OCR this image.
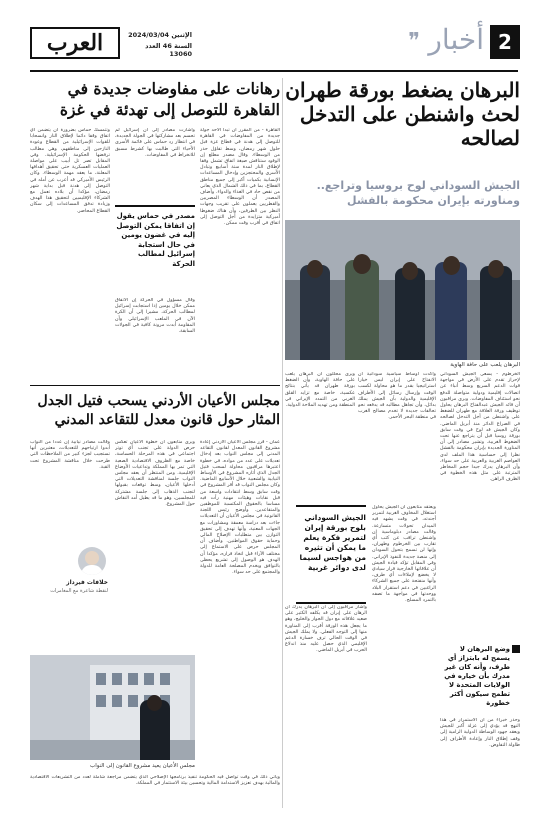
العرب	الإثنين 2024/03/04
السنة 46 العدد 13060	2
أخبار
❞
البرهان يضغط بورقة طهران لحث واشنطن على التدخل لصالحه
الجيش السوداني لوح بروسيا وتراجع.. ومناورته بإيران محكومة بالفشل
البرهان يلعب على حافة الهاوية

الخرطوم - يسعى الجيش السوداني لإحراز تقدم على الأرض في مواجهة قوات الدعم السريع وسط أنباء عن اتصالات إقليمية ودولية متواصلة للدفع نحو استئناف المفاوضات. ويرى مراقبون أن قائد الجيش عبدالفتاح البرهان يحاول توظيف ورقة العلاقة مع طهران للضغط على واشنطن من أجل التدخل لصالحه في الصراع الدائر منذ أبريل الماضي. وكان الجيش قد لوح في وقت سابق بورقة روسيا قبل أن يتراجع عنها تحت الضغوط الغربية. وتشير مصادر إلى أن المناورة الجديدة بإيران محكومة بالفشل نظرا إلى حساسية هذا الملف لدى العواصم الغربية والعربية على حد سواء، وأن البرهان يدرك جيدا حجم المخاطر المترتبة على مثل هذه الخطوة في الظرف الراهن.

وأكدت أوساط سياسية سودانية أن الانفتاح على إيران ليس خيارا استراتيجيا بقدر ما هو محاولة لكسب الوقت وإرسال رسائل إلى الأطراف الإقليمية والدولية بأن الجيش يملك بدائل، وأن تجاهل مطالبه قد يدفعه نحو تحالفات جديدة لا تخدم مصالح الغرب في منطقة البحر الأحمر.

ويرى محللون أن البرهان يلعب على حافة الهاوية، وأن الضغط بورقة طهران قد يأتي بنتائج عكسية، خاصة مع تزايد القلق الغربي من التمدد الإيراني في المنطقة ومن تهديد الملاحة الدولية.

الجيش السوداني بلوح بورقة إيران لتمرير فكرة يعلم ما يمكن أن تثيره من هواجس لسيما لدى دوائر غربية

ويعتقد متابعون أن الجيش يحاول استغلال المخاوف الغربية لتمرير أجندته، في وقت يشهد فيه الميدان تحولات متسارعة. وقالت مصادر دبلوماسية إن واشنطن تراقب عن كثب أي تقارب بين الخرطوم وطهران، وإنها لن تسمح بتحول السودان إلى منصة جديدة للنفوذ الإيراني. وفي المقابل تؤكد قيادة الجيش أن علاقاتها الخارجية قرار سيادي لا يخضع لإملاءات أي طرف، وأنها منفتحة على جميع الشركاء الراغبين في دعم استقرار البلاد ووحدتها في مواجهة ما تصفه بالتمرد المسلح.

وأشار مراقبون إلى أن البرهان يدرك أن الرهان على إيران قد يكلفه الكثير على صعيد علاقاته مع دول الجوار والخليج، وهو ما يجعل هذه الورقة أقرب إلى المناورة منها إلى التوجه الفعلي. ولا يملك الجيش في الوقت الحالي ترف خسارة الدعم الإقليمي الذي حصل عليه منذ اندلاع الحرب في أبريل الماضي.	وضع البرهان لا يسمح له بابتزاز أي طرف، وأنه كان غير مدرك بأن خياره في الولايات المتحدة لا تطمح سيكون أكثر خطورة

وحذر خبراء من أن الاستمرار في هذا النهج قد يؤدي إلى عزلة أكبر للجيش ويعقد جهود الوساطة الدولية الرامية إلى وقف إطلاق النار وإعادة الأطراف إلى طاولة التفاوض.

رهانات على مفاوضات جديدة في القاهرة للتوصل إلى تهدئة في غزة

القاهرة - من المقرر أن تبدأ الأحد جولة جديدة من المفاوضات في القاهرة للتوصل إلى هدنة في قطاع غزة قبل حلول شهر رمضان، وسط تفاؤل حذر من الوسطاء. وقال مصدر مطلع إن الوفود ستناقش صيغة اتفاق تشمل وقفا لإطلاق النار لمدة ستة أسابيع وتبادل الأسرى والمحتجزين وإدخال المساعدات الإنسانية بكميات أكبر إلى جميع مناطق القطاع، بما في ذلك الشمال الذي يعاني من نقص حاد في الغذاء والدواء. وأضاف المصدر أن الوسطاء المصريين والقطريين يعملون على تقريب وجهات النظر بين الطرفين، وأن هناك ضغوطا أميركية متزايدة من أجل التوصل إلى اتفاق في أقرب وقت ممكن.

وأشارت مصادر إلى أن إسرائيل لم تحسم بعد مشاركتها في الجولة الجديدة، في انتظار رد حماس على قائمة الأسرى الأحياء التي طالبت بها كشرط مسبق للانخراط في المفاوضات.

وتتمسك حماس بضرورة أن يتضمن أي اتفاق وقفا دائما لإطلاق النار وانسحابا للقوات الإسرائيلية من القطاع وعودة النازحين إلى مناطقهم، وهي مطالب ترفضها الحكومة الإسرائيلية. وفي المقابل تصر تل أبيب على مواصلة العمليات العسكرية حتى تحقيق أهدافها المعلنة، ما يعقد مهمة الوسطاء. وكان الرئيس الأميركي قد أعرب عن أمله في التوصل إلى هدنة قبل بداية شهر رمضان، مؤكدا أن بلاده تعمل مع الشركاء الإقليميين لتحقيق هذا الهدف وزيادة تدفق المساعدات إلى سكان القطاع المحاصر.

مصدر في حماس يقول إن اتفاقا يمكن التوصل إليه في غضون يومين في حال استجابة إسرائيل لمطالب الحركة

وقال مسؤول في الحركة إن الاتفاق ممكن خلال يومين إذا استجابت إسرائيل لمطالب الحركة، مشيرا إلى أن الكرة الآن في الملعب الإسرائيلي وأن المقاومة أبدت مرونة كافية في الجولات السابقة.

مجلس الأعيان الأردني يسحب فتيل الجدل المثار حول قانون معدل للتقاعد المدني

عمان - قرر مجلس الأعيان الأردني إعادة مشروع القانون المعدل لقانون التقاعد المدني إلى مجلس النواب بعد إدخال تعديلات على عدد من مواده، في خطوة اعتبرها مراقبون محاولة لسحب فتيل الجدل الذي أثاره المشروع في الأوساط النيابية والشعبية خلال الأسابيع الماضية. وكان مجلس النواب قد أقر المشروع في وقت سابق وسط انتقادات واسعة من قبل نقابات وهيئات مهنية رأت فيه مساسا بالحقوق المكتسبة للموظفين والمتقاعدين. وأوضح رئيس اللجنة القانونية في مجلس الأعيان أن التعديلات جاءت بعد دراسة معمقة ومشاورات مع الجهات المعنية، وأنها تهدف إلى تحقيق التوازن بين متطلبات الإصلاح المالي وحماية حقوق المواطنين. وأضاف أن المجلس حرص على الاستماع إلى مختلف الآراء قبل اتخاذ قراره، مؤكدا أن الهدف هو الوصول إلى تشريع يحظى بالتوافق ويخدم المصلحة العامة للدولة والمجتمع على حد سواء.

ويرى متابعون أن خطوة الأعيان تعكس حرص الدولة على تجنب أي توتر اجتماعي في هذه المرحلة الحساسة، خاصة مع الظروف الاقتصادية الصعبة التي تمر بها المملكة وتداعيات الأوضاع الإقليمية. ومن المنتظر أن يعقد مجلس النواب جلسة لمناقشة التعديلات التي أدخلها الأعيان، وسط توقعات بقبولها لتجنب الذهاب إلى جلسة مشتركة للمجلسين، وهو ما قد يطيل أمد النقاش حول المشروع.

وقالت مصادر نيابية إن عددا من النواب أبدوا ارتياحهم للتعديلات، معتبرين أنها تستجيب لجزء كبير من الملاحظات التي طرحت خلال مناقشة المشروع تحت القبة.

خلافات فيرداز
لنقطة شاعرة مع المغامرات
مجلس الأعيان يعيد مشروع القانون إلى النواب

ويأتي ذلك في وقت تواصل فيه الحكومة تنفيذ برنامجها الإصلاحي الذي يتضمن مراجعة شاملة لعدد من التشريعات الاقتصادية والمالية بهدف تعزيز الاستدامة المالية وتحسين بيئة الاستثمار في المملكة.
